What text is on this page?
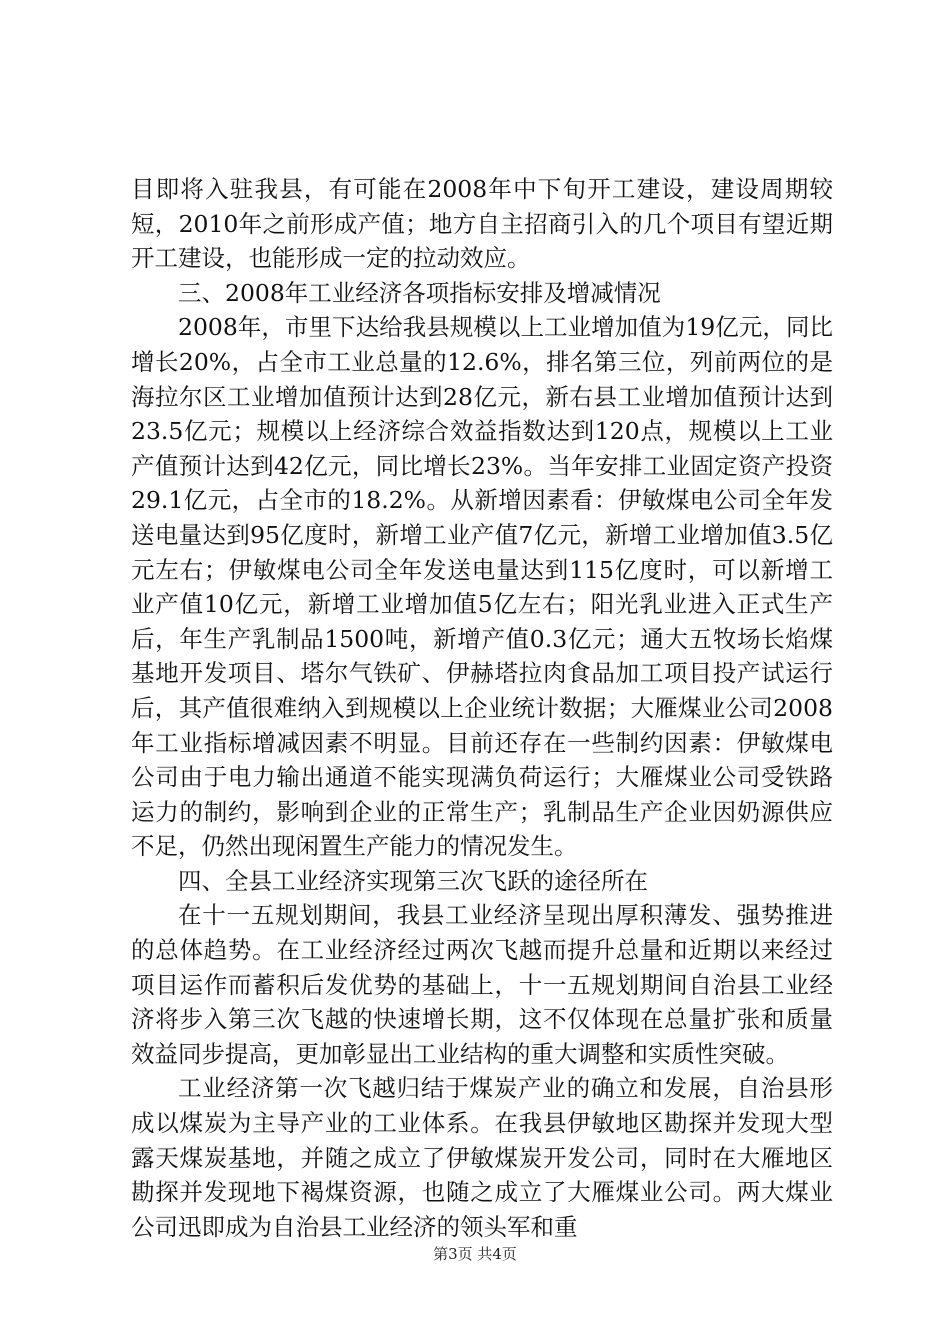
目即将入驻我县，有可能在2008年中下旬开工建设，建设周期较短，2010年之前形成产值；地方自主招商引入的几个项目有望近期开工建设，也能形成一定的拉动效应。

三、2008年工业经济各项指标安排及增减情况

2008年，市里下达给我县规模以上工业增加值为19亿元，同比增长20%，占全市工业总量的12.6%，排名第三位，列前两位的是海拉尔区工业增加值预计达到28亿元，新右县工业增加值预计达到23.5亿元；规模以上经济综合效益指数达到120点，规模以上工业产值预计达到42亿元，同比增长23%。当年安排工业固定资产投资29.1亿元，占全市的18.2%。从新增因素看：伊敏煤电公司全年发送电量达到95亿度时，新增工业产值7亿元，新增工业增加值3.5亿元左右；伊敏煤电公司全年发送电量达到115亿度时，可以新增工业产值10亿元，新增工业增加值5亿左右；阳光乳业进入正式生产后，年生产乳制品1500吨，新增产值0.3亿元；通大五牧场长焰煤基地开发项目、塔尔气铁矿、伊赫塔拉肉食品加工项目投产试运行后，其产值很难纳入到规模以上企业统计数据；大雁煤业公司2008年工业指标增减因素不明显。目前还存在一些制约因素：伊敏煤电公司由于电力输出通道不能实现满负荷运行；大雁煤业公司受铁路运力的制约，影响到企业的正常生产；乳制品生产企业因奶源供应不足，仍然出现闲置生产能力的情况发生。

四、全县工业经济实现第三次飞跃的途径所在

在十一五规划期间，我县工业经济呈现出厚积薄发、强势推进的总体趋势。在工业经济经过两次飞越而提升总量和近期以来经过项目运作而蓄积后发优势的基础上，十一五规划期间自治县工业经济将步入第三次飞越的快速增长期，这不仅体现在总量扩张和质量效益同步提高，更加彰显出工业结构的重大调整和实质性突破。

工业经济第一次飞越归结于煤炭产业的确立和发展，自治县形成以煤炭为主导产业的工业体系。在我县伊敏地区勘探并发现大型露天煤炭基地，并随之成立了伊敏煤炭开发公司，同时在大雁地区勘探并发现地下褐煤资源，也随之成立了大雁煤业公司。两大煤业公司迅即成为自治县工业经济的领头军和重

第3页 共4页
